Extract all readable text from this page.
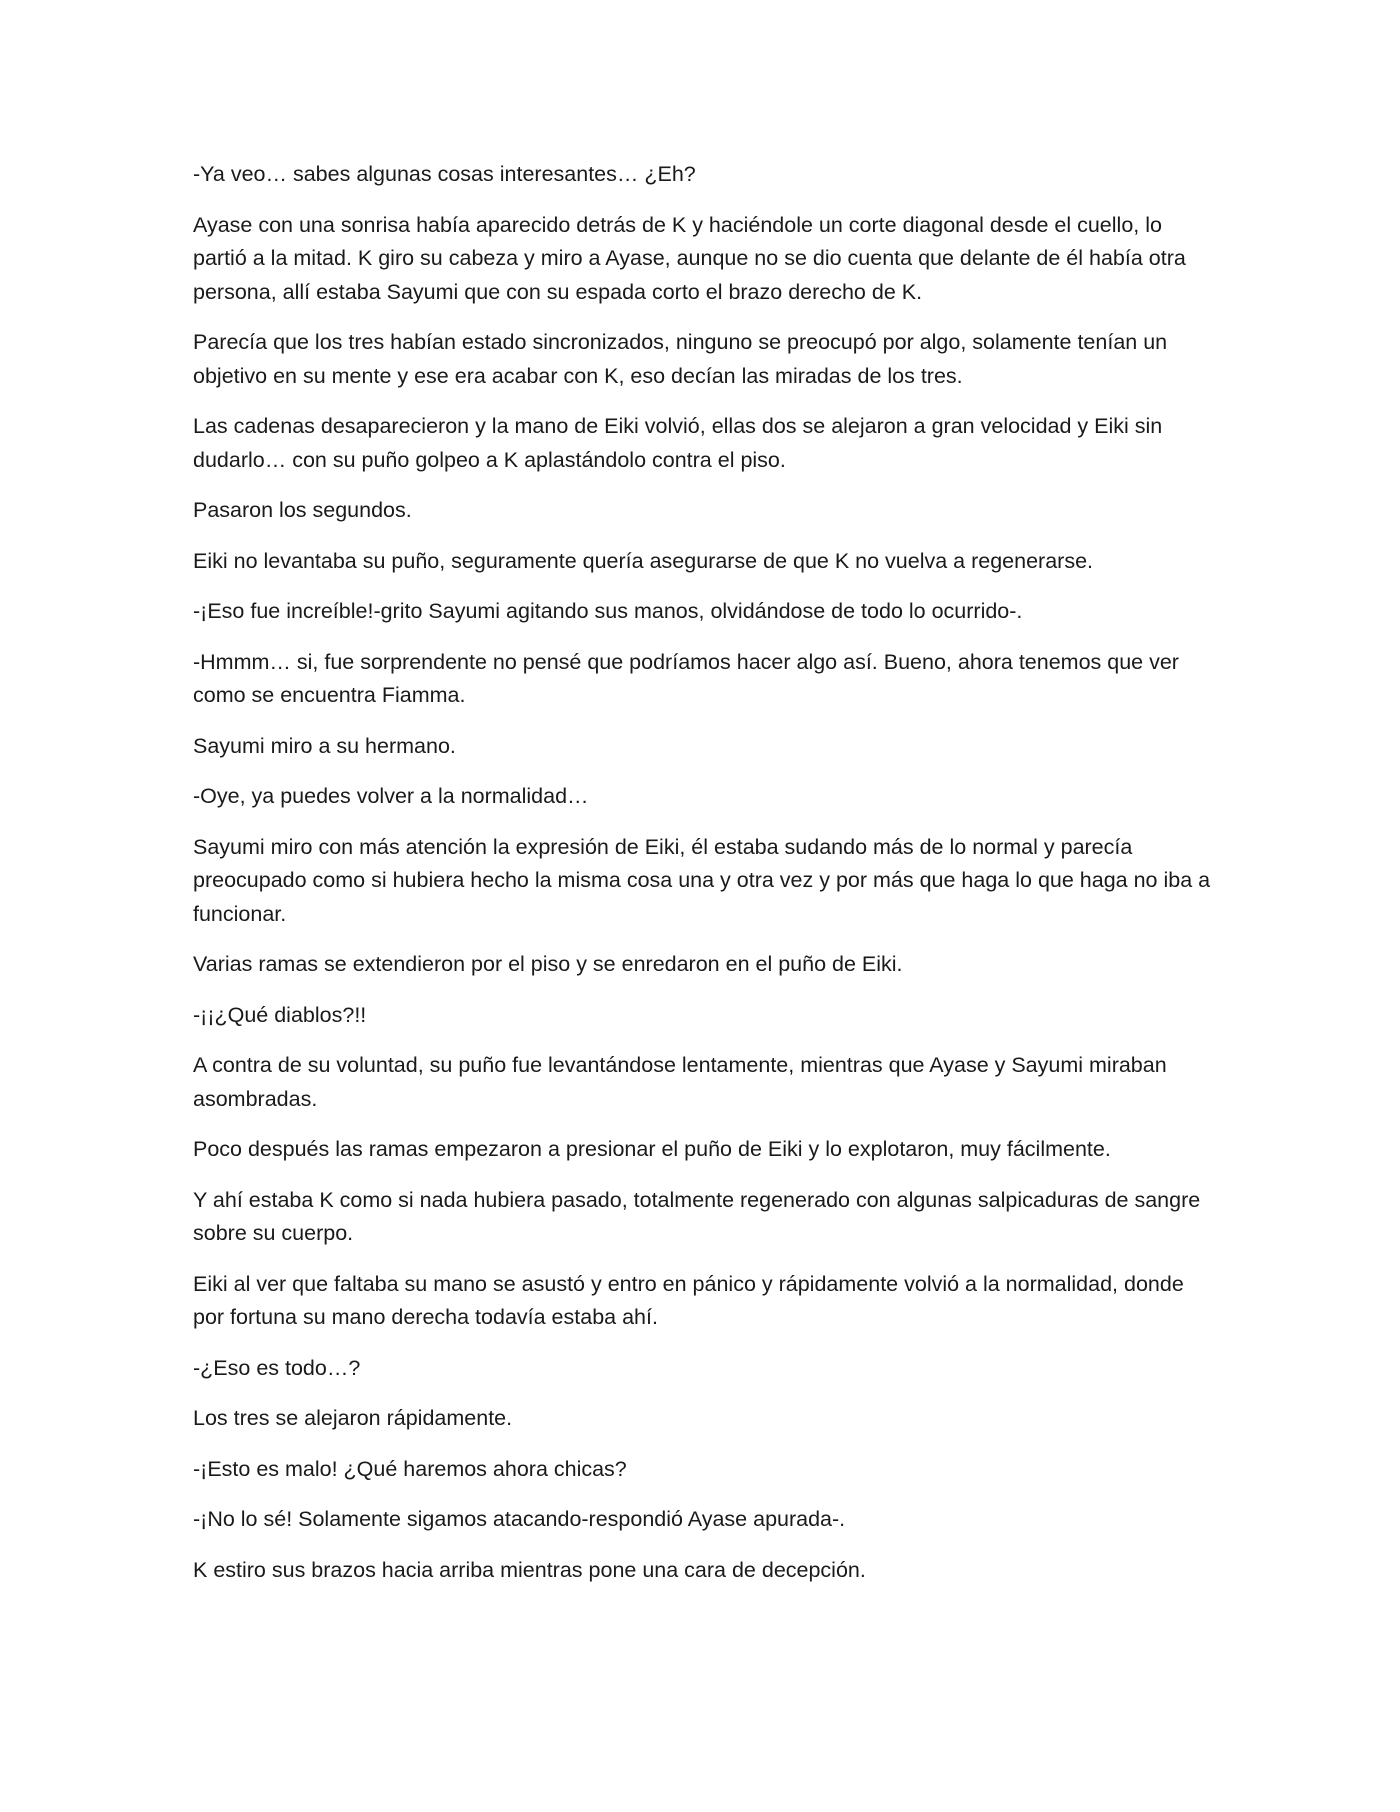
-Ya veo… sabes algunas cosas interesantes… ¿Eh?

Ayase con una sonrisa había aparecido detrás de K y haciéndole un corte diagonal desde el cuello, lo partió a la mitad. K giro su cabeza y miro a Ayase, aunque no se dio cuenta que delante de él había otra persona, allí estaba Sayumi que con su espada corto el brazo derecho de K.

Parecía que los tres habían estado sincronizados, ninguno se preocupó por algo, solamente tenían un objetivo en su mente y ese era acabar con K, eso decían las miradas de los tres.

Las cadenas desaparecieron y la mano de Eiki volvió, ellas dos se alejaron a gran velocidad y Eiki sin dudarlo… con su puño golpeo a K aplastándolo contra el piso.

Pasaron los segundos.

Eiki no levantaba su puño, seguramente quería asegurarse de que K no vuelva a regenerarse.

-¡Eso fue increíble!-grito Sayumi agitando sus manos, olvidándose de todo lo ocurrido-.

-Hmmm… si, fue sorprendente no pensé que podríamos hacer algo así. Bueno, ahora tenemos que ver como se encuentra Fiamma.

Sayumi miro a su hermano.

-Oye, ya puedes volver a la normalidad…

Sayumi miro con más atención la expresión de Eiki, él estaba sudando más de lo normal y parecía preocupado como si hubiera hecho la misma cosa una y otra vez y por más que haga lo que haga no iba a funcionar.

Varias ramas se extendieron por el piso y se enredaron en el puño de Eiki.

-¡¡¿Qué diablos?!!

A contra de su voluntad, su puño fue levantándose lentamente, mientras que Ayase y Sayumi miraban asombradas.

Poco después las ramas empezaron a presionar el puño de Eiki y lo explotaron, muy fácilmente.

Y ahí estaba K como si nada hubiera pasado, totalmente regenerado con algunas salpicaduras de sangre sobre su cuerpo.

Eiki al ver que faltaba su mano se asustó y entro en pánico y rápidamente volvió a la normalidad, donde por fortuna su mano derecha todavía estaba ahí.

-¿Eso es todo…?

Los tres se alejaron rápidamente.

-¡Esto es malo! ¿Qué haremos ahora chicas?

-¡No lo sé! Solamente sigamos atacando-respondió Ayase apurada-.

K estiro sus brazos hacia arriba mientras pone una cara de decepción.
